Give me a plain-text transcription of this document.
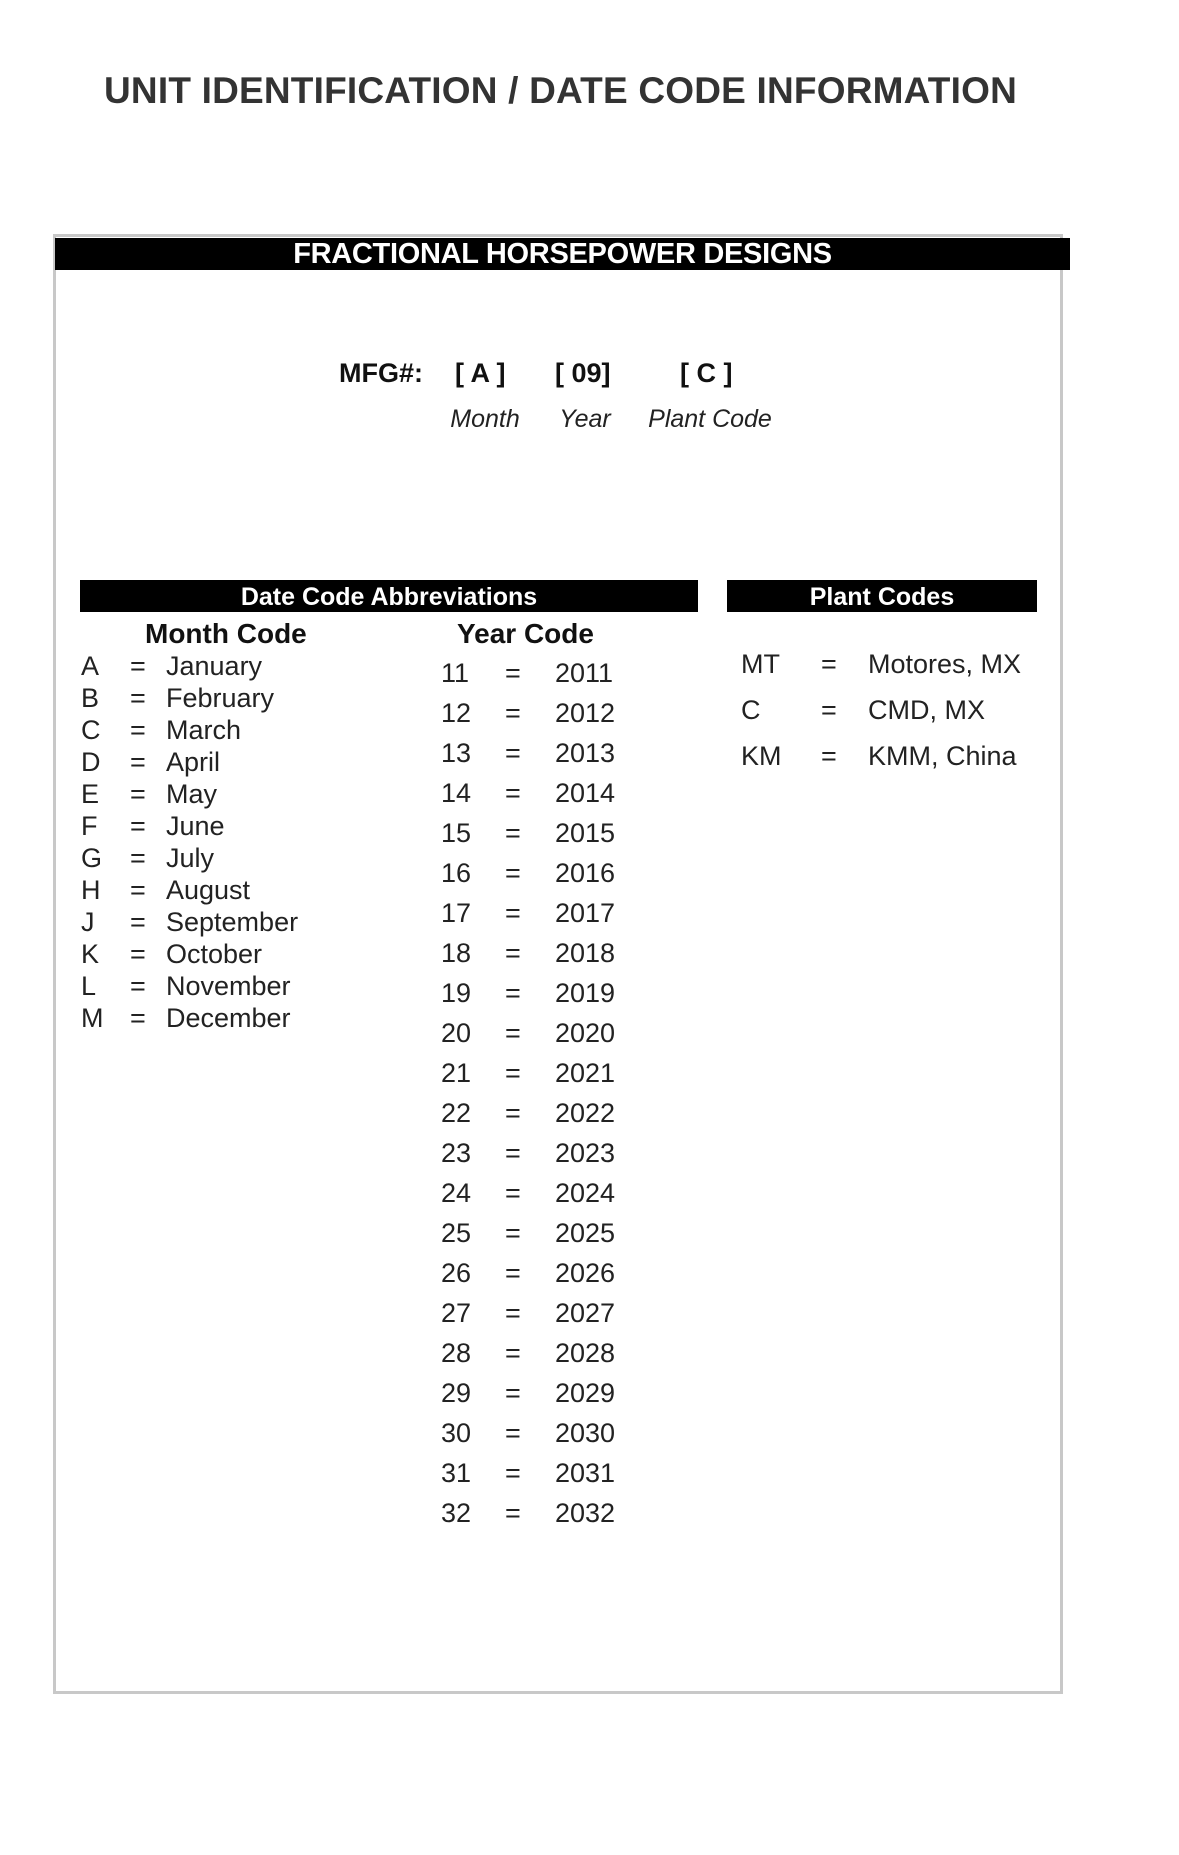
UNIT IDENTIFICATION / DATE CODE INFORMATION
FRACTIONAL HORSEPOWER DESIGNS
MFG#: [ A ] [ 09]	[ C ]
Month	Year	Plant Code
Date Code Abbreviations	Plant Codes
Month Code	Year Code
A = January
B = February
C = March
D = April
E = May
F = June
G = July
H = August
J = September
K = October
L = November
M = December
11 = 2011
12 = 2012
13 = 2013
14 = 2014
15 = 2015
16 = 2016
17 = 2017
18 = 2018
19 = 2019
20 = 2020
21 = 2021
22 = 2022
23 = 2023
24 = 2024
25 = 2025
26 = 2026
27 = 2027
28 = 2028
29 = 2029
30 = 2030
31 = 2031
32 = 2032
MT = Motores, MX
C = CMD, MX
KM = KMM, China
